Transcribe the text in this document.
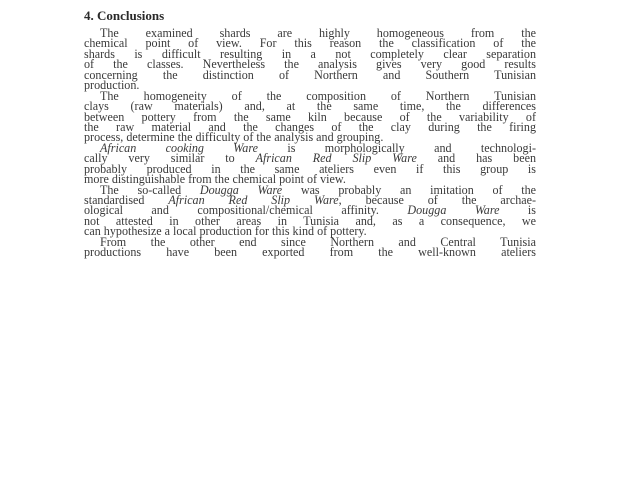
4. Conclusions
The examined shards are highly homogeneous from the
chemical point of view. For this reason the classification of the
shards is difficult resulting in a not completely clear separation
of the classes. Nevertheless the analysis gives very good results
concerning the distinction of Northern and Southern Tunisian
production.
The homogeneity of the composition of Northern Tunisian
clays (raw materials) and, at the same time, the differences
between pottery from the same kiln because of the variability of
the raw material and the changes of the clay during the firing
process, determine the difficulty of the analysis and grouping.
African cooking Ware is morphologically and technologi-
cally very similar to African Red Slip Ware and has been
probably produced in the same ateliers even if this group is
more distinguishable from the chemical point of view.
The so-called Dougga Ware was probably an imitation of the
standardised African Red Slip Ware, because of the archae-
ological and compositional/chemical affinity. Dougga Ware is
not attested in other areas in Tunisia and, as a consequence, we
can hypothesize a local production for this kind of pottery.
From the other end since Northern and Central Tunisia
productions have been exported from the well-known ateliers
